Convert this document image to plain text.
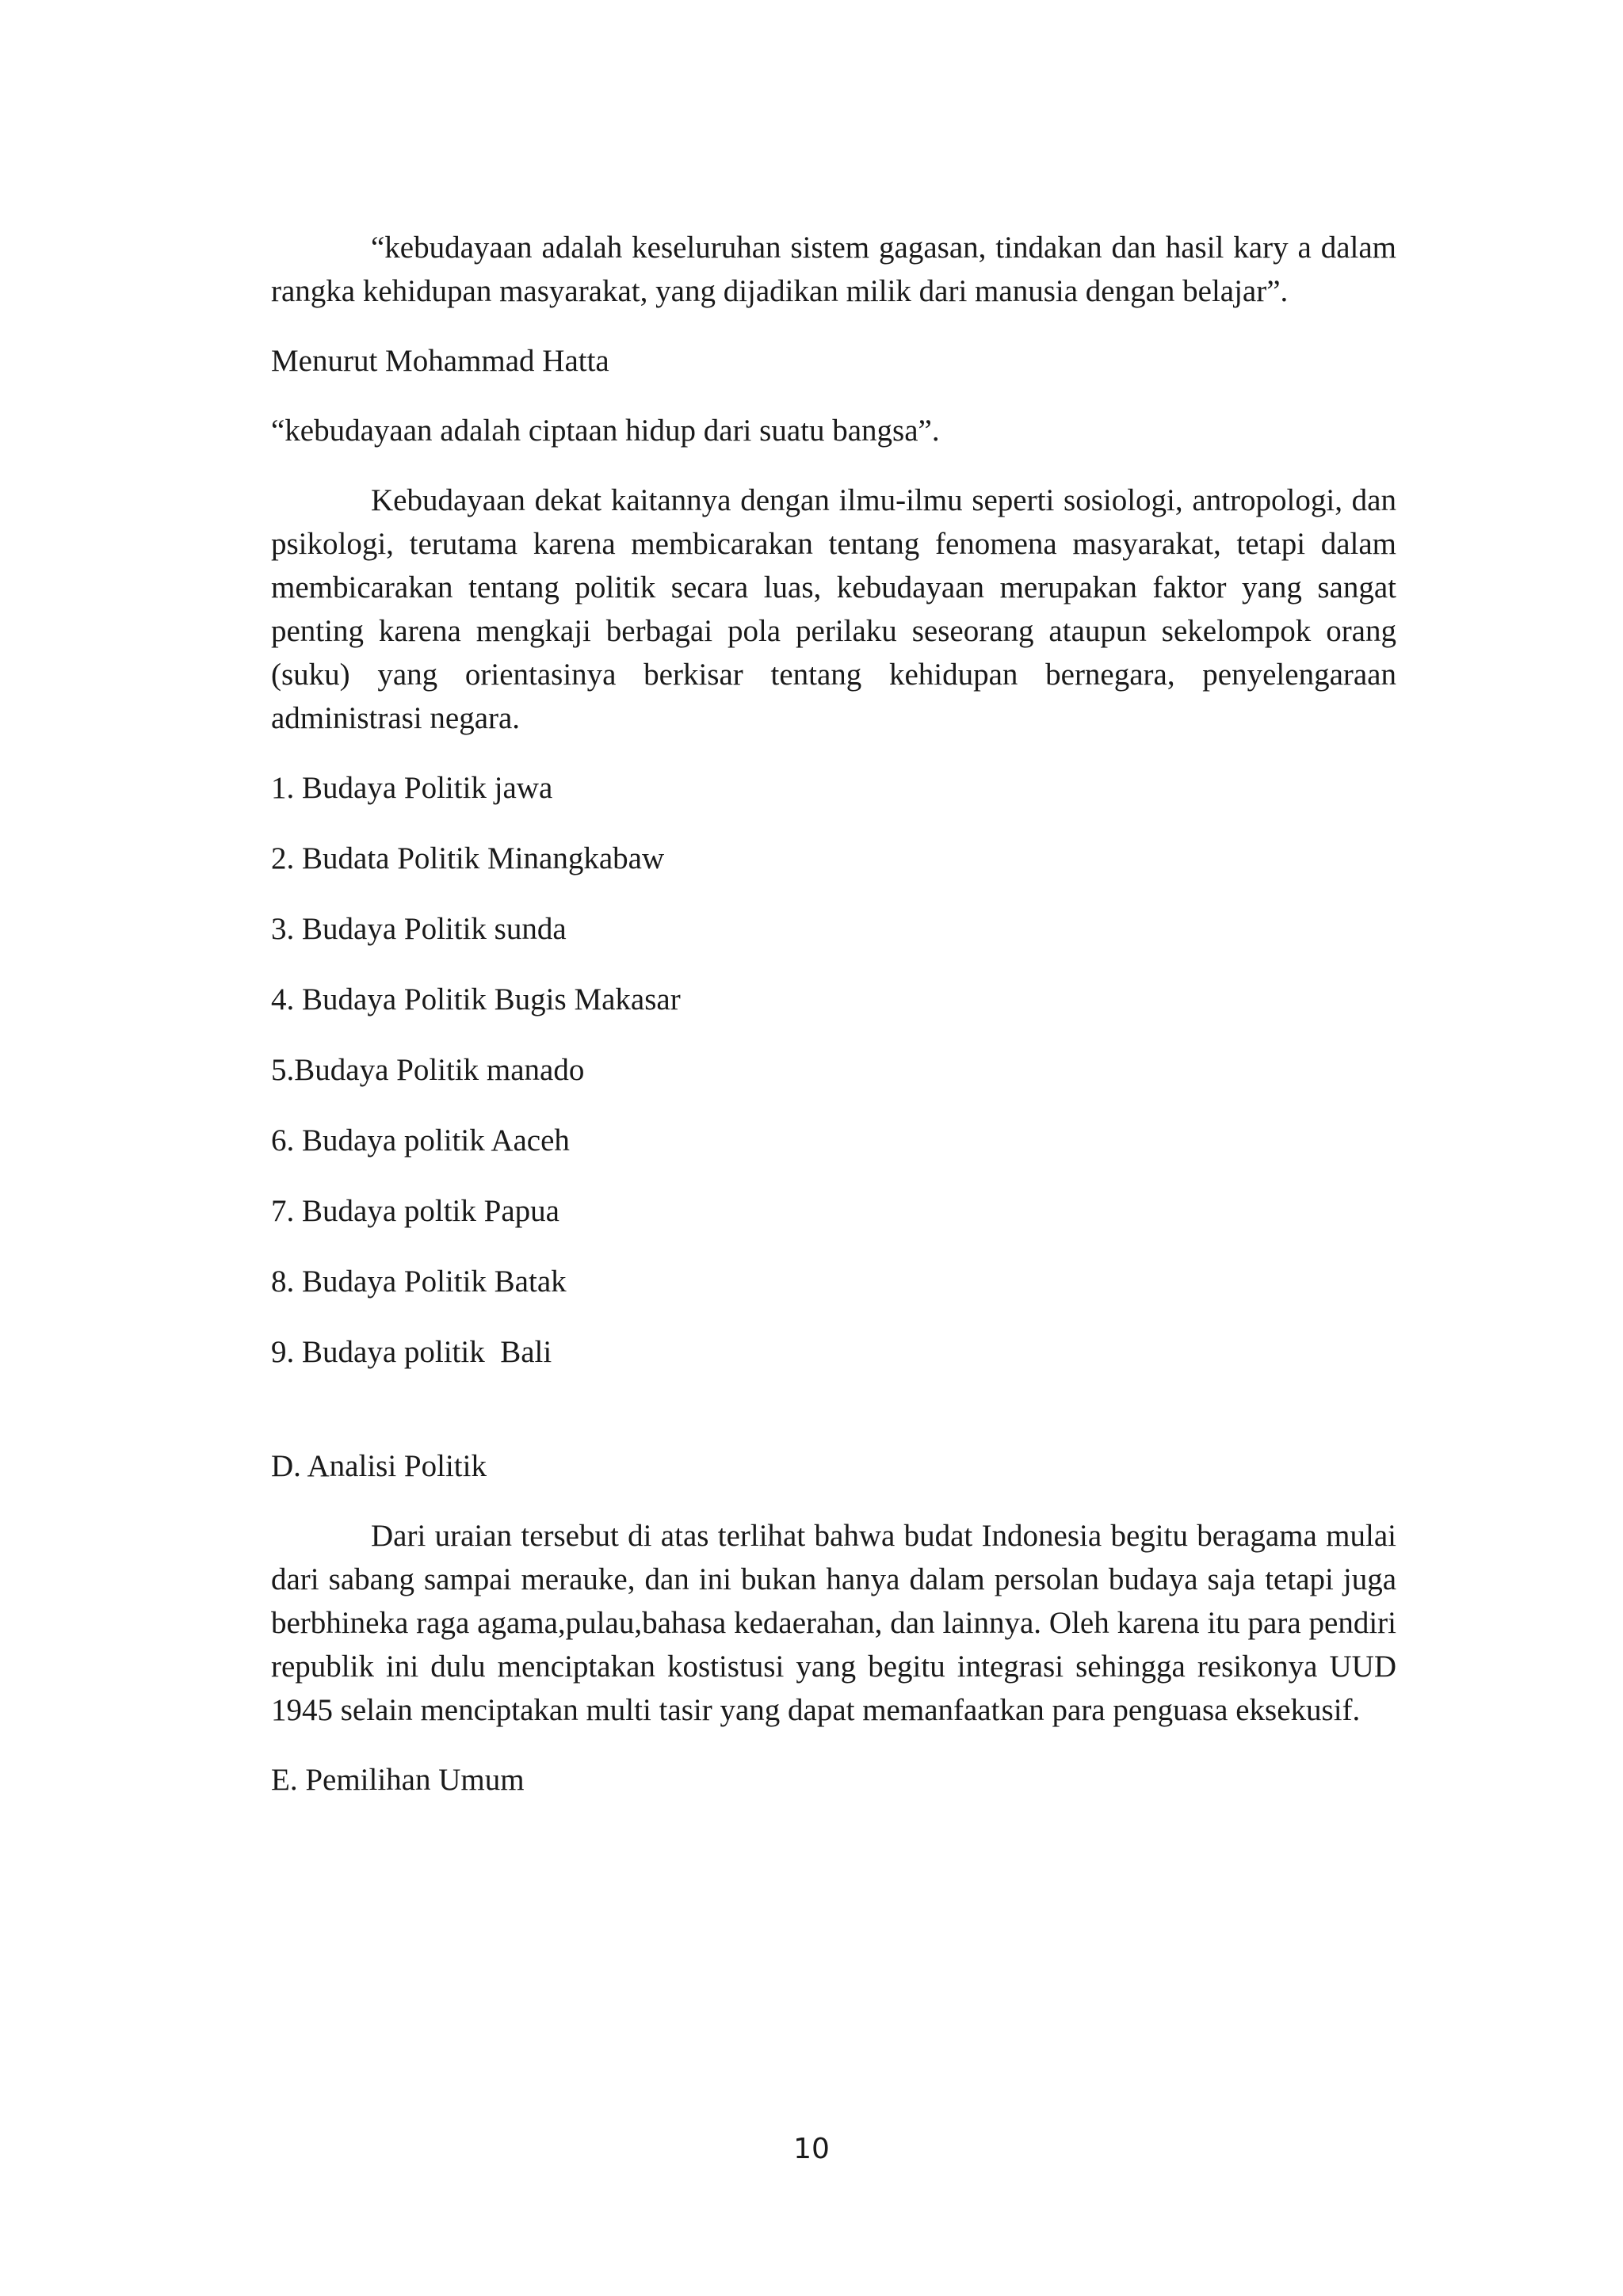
“kebudayaan adalah keseluruhan sistem gagasan, tindakan dan hasil kary a dalam rangka kehidupan masyarakat, yang dijadikan milik dari manusia dengan belajar”.

Menurut Mohammad Hatta

“kebudayaan adalah ciptaan hidup dari suatu bangsa”.

Kebudayaan dekat kaitannya dengan ilmu-ilmu seperti sosiologi, antropologi, dan psikologi, terutama karena membicarakan tentang fenomena masyarakat, tetapi dalam membicarakan tentang politik secara luas, kebudayaan merupakan faktor yang sangat penting karena mengkaji berbagai pola perilaku seseorang ataupun sekelompok orang (suku) yang orientasinya berkisar tentang kehidupan bernegara, penyelengaraan administrasi negara.

1. Budaya Politik jawa
2. Budata Politik Minangkabaw
3. Budaya Politik sunda
4. Budaya Politik Bugis Makasar
5.Budaya Politik manado
6. Budaya politik Aaceh
7. Budaya poltik Papua
8. Budaya Politik Batak
9. Budaya politik  Bali

D. Analisi Politik

Dari uraian tersebut di atas terlihat bahwa budat Indonesia begitu beragama mulai dari sabang sampai merauke, dan ini bukan hanya dalam persolan budaya saja tetapi juga berbhineka raga agama,pulau,bahasa kedaerahan, dan lainnya. Oleh karena itu para pendiri republik ini dulu menciptakan kostistusi yang begitu integrasi sehingga resikonya UUD 1945 selain menciptakan multi tasir yang dapat memanfaatkan para penguasa eksekusif.

E. Pemilihan Umum

10
